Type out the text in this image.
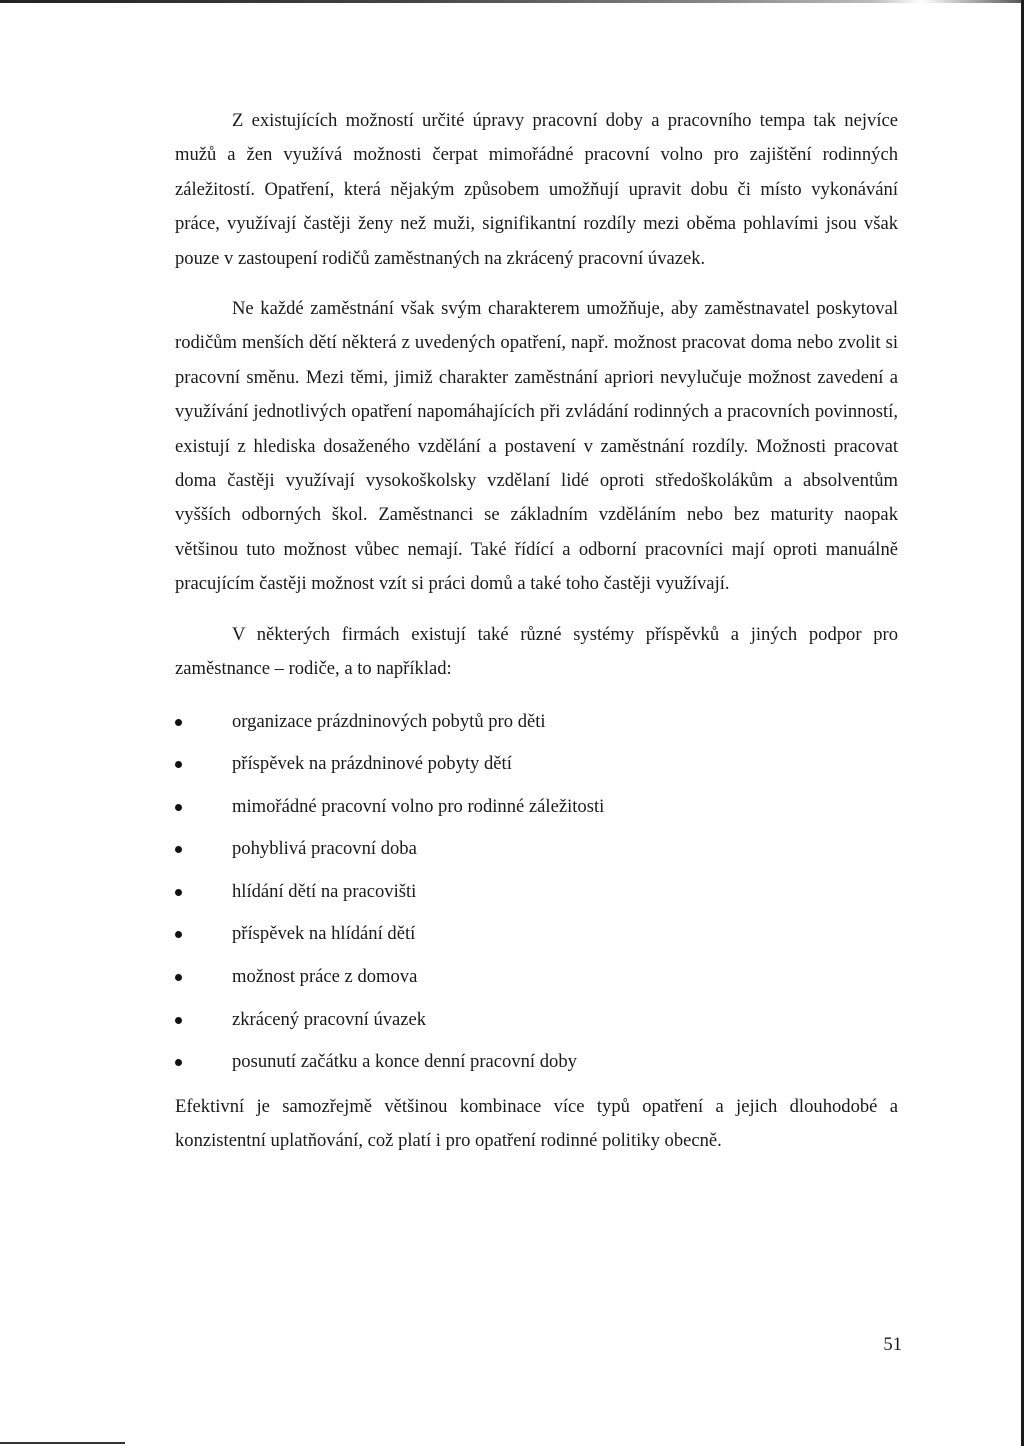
Z existujících možností určité úpravy pracovní doby a pracovního tempa tak nejvíce mužů a žen využívá možnosti čerpat mimořádné pracovní volno pro zajištění rodinných záležitostí. Opatření, která nějakým způsobem umožňují upravit dobu či místo vykonávání práce, využívají častěji ženy než muži, signifikantní rozdíly mezi oběma pohlavími jsou však pouze v zastoupení rodičů zaměstnaných na zkrácený pracovní úvazek.

Ne každé zaměstnání však svým charakterem umožňuje, aby zaměstnavatel poskytoval rodičům menších dětí některá z uvedených opatření, např. možnost pracovat doma nebo zvolit si pracovní směnu. Mezi těmi, jimiž charakter zaměstnání apriori nevylučuje možnost zavedení a využívání jednotlivých opatření napomáhajících při zvládání rodinných a pracovních povinností, existují z hlediska dosaženého vzdělání a postavení v zaměstnání rozdíly. Možnosti pracovat doma častěji využívají vysokoškolsky vzdělaní lidé oproti středoškolákům a absolventům vyšších odborných škol. Zaměstnanci se základním vzděláním nebo bez maturity naopak většinou tuto možnost vůbec nemají. Také řídící a odborní pracovníci mají oproti manuálně pracujícím častěji možnost vzít si práci domů a také toho častěji využívají.

V některých firmách existují také různé systémy příspěvků a jiných podpor pro zaměstnance – rodiče, a to například:

organizace prázdninových pobytů pro děti
příspěvek na prázdninové pobyty dětí
mimořádné pracovní volno pro rodinné záležitosti
pohyblivá pracovní doba
hlídání dětí na pracovišti
příspěvek na hlídání dětí
možnost práce z domova
zkrácený pracovní úvazek
posunutí začátku a konce denní pracovní doby

Efektivní je samozřejmě většinou kombinace více typů opatření a jejich dlouhodobé a konzistentní uplatňování, což platí i pro opatření rodinné politiky obecně.

51
